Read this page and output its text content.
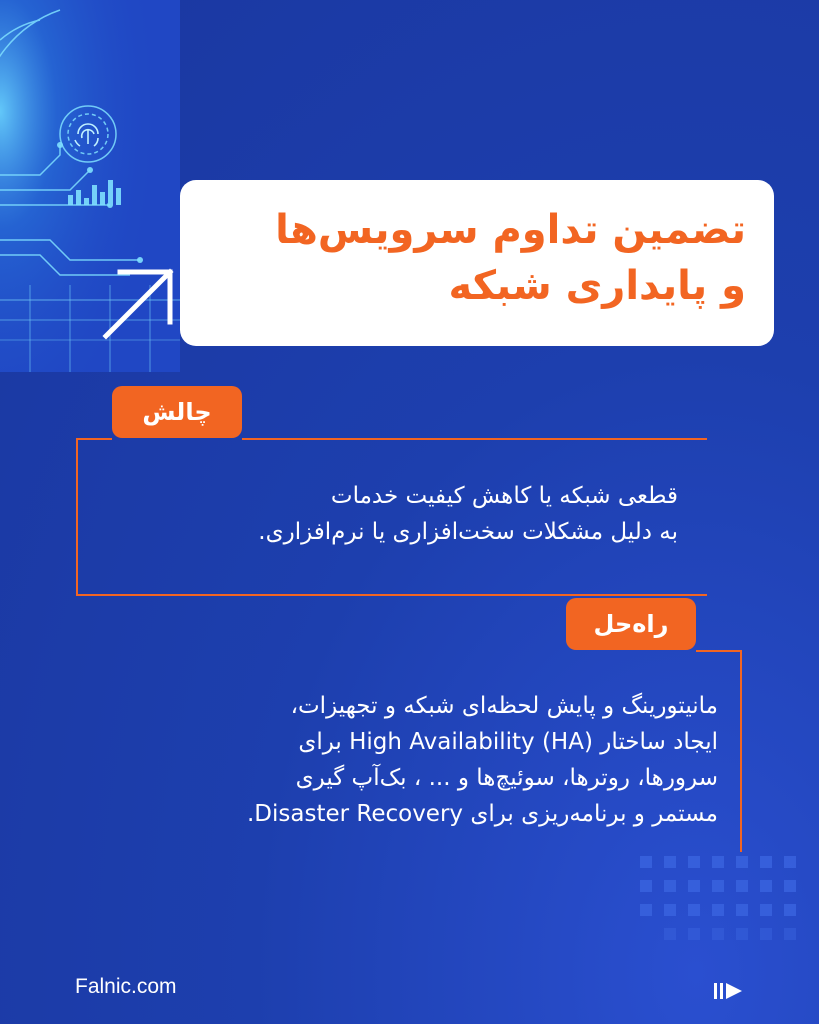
تضمین تداوم سرویس‌ها
و پایداری شبکه
چالش
قطعی شبکه یا کاهش کیفیت خدمات
به دلیل مشکلات سخت‌افزاری یا نرم‌افزاری.
راه‌حل
مانیتورینگ و پایش لحظه‌ای شبکه و تجهیزات،
ایجاد ساختار High Availability (HA) برای
سرورها، روترها، سوئیچ‌ها و ... ، بک‌آپ گیری
مستمر و برنامه‌ریزی برای Disaster Recovery.
Falnic.com
